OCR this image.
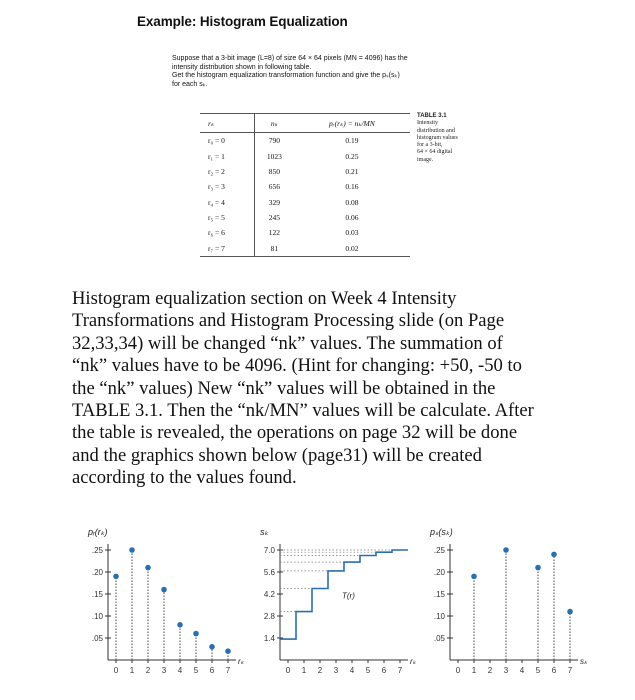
Example: Histogram Equalization
Suppose that a 3-bit image (L=8) of size 64 × 64 pixels (MN = 4096) has the
intensity distribution shown in following table.
Get the histogram equalization transformation function and give the pₛ(sₖ)
for each sₖ.
rₖ	nₖ	pᵣ(rₖ) = nₖ/MN
r₀ = 0	790	0.19
r₁ = 1	1023	0.25
r₂ = 2	850	0.21
r₃ = 3	656	0.16
r₄ = 4	329	0.08
r₅ = 5	245	0.06
r₆ = 6	122	0.03
r₇ = 7	81	0.02
TABLE 3.1
Intensity
distribution and
histogram values
for a 3-bit,
64 × 64 digital
image.
Histogram equalization section on Week 4 Intensity
Transformations and Histogram Processing slide (on Page
32,33,34) will be changed “nk” values. The summation of
“nk” values have to be 4096. (Hint for changing: +50, -50 to
the “nk” values) New “nk” values will be obtained in the
TABLE 3.1. Then the “nk/MN” values will be calculate. After
the table is revealed, the operations on page 32 will be done
and the graphics shown below (page31) will be created
according to the values found.
.25
.20
.15
.10
.05
0 1 2 3 4 5 6 7
pᵣ(rₖ)
rₖ
7.0
5.6
4.2
2.8
1.4
0 1 2 3 4 5 6 7
sₖ
rₖ
T(r)
.25
.20
.15
.10
.05
0 1 2 3 4 5 6 7
pₛ(sₖ)
sₖ
